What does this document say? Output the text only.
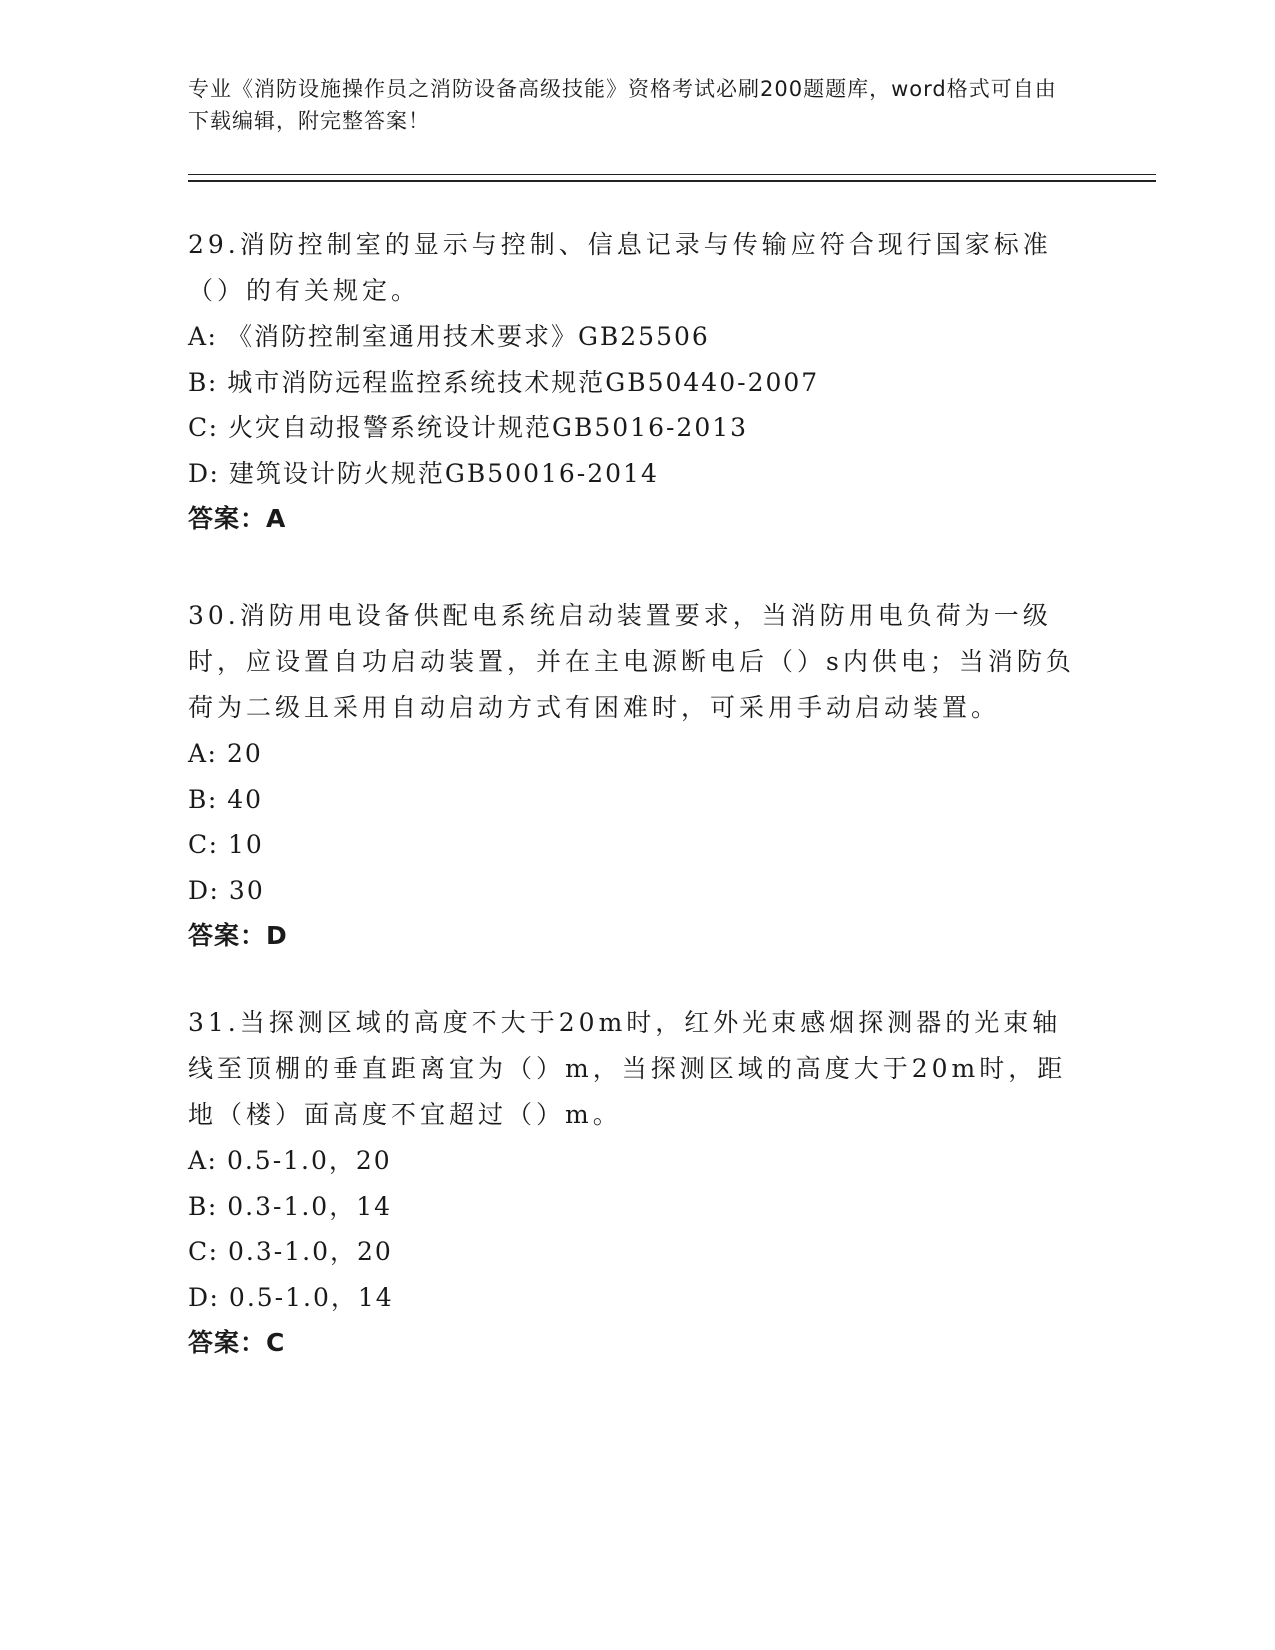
专业《消防设施操作员之消防设备高级技能》资格考试必刷200题题库，word格式可自由下载编辑，附完整答案！

29.消防控制室的显示与控制、信息记录与传输应符合现行国家标准（）的有关规定。

A: 《消防控制室通用技术要求》GB25506
B: 城市消防远程监控系统技术规范GB50440-2007
C: 火灾自动报警系统设计规范GB5016-2013
D: 建筑设计防火规范GB50016-2014
答案：A

30.消防用电设备供配电系统启动装置要求，当消防用电负荷为一级时，应设置自功启动装置，并在主电源断电后（）s内供电；当消防负荷为二级且采用自动启动方式有困难时，可采用手动启动装置。

A: 20
B: 40
C: 10
D: 30
答案：D

31.当探测区域的高度不大于20m时，红外光束感烟探测器的光束轴线至顶棚的垂直距离宜为（）m，当探测区域的高度大于20m时，距地（楼）面高度不宜超过（）m。

A: 0.5-1.0，20
B: 0.3-1.0，14
C: 0.3-1.0，20
D: 0.5-1.0，14
答案：C
